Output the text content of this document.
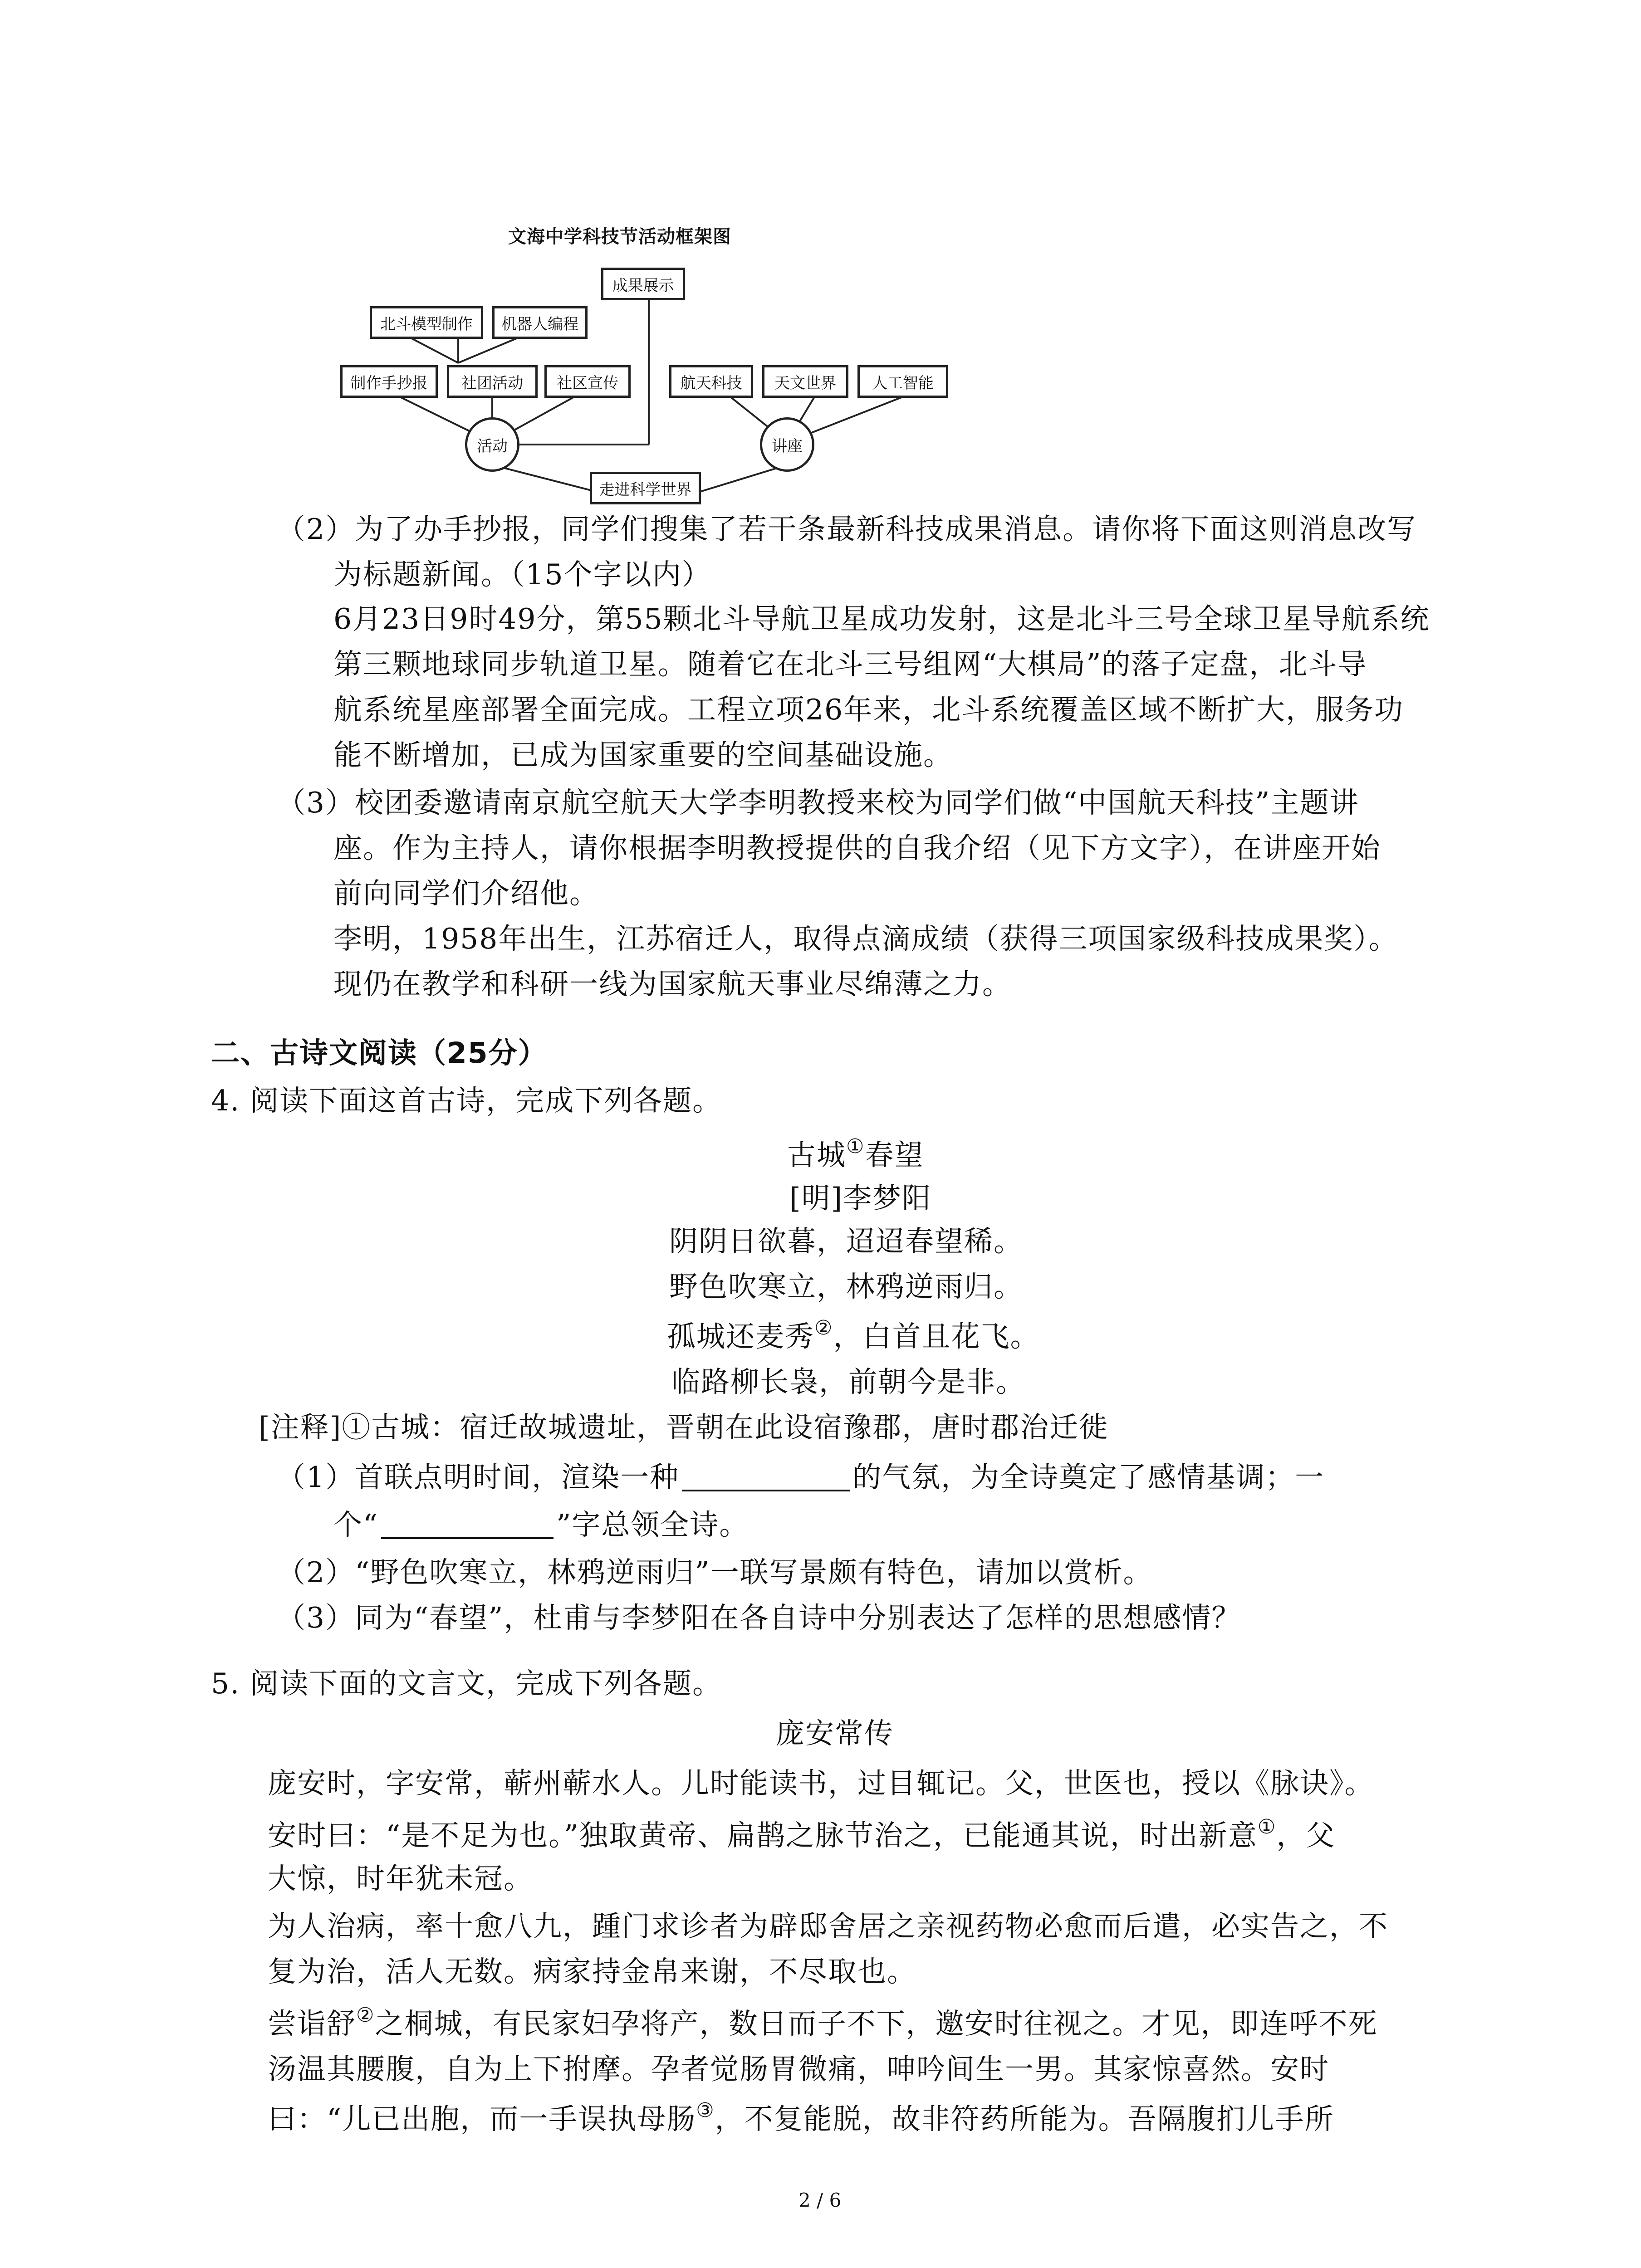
文海中学科技节活动框架图
成果展示
北斗模型制作	机器人编程
制作手抄报	社团活动	社区宣传	航天科技	天文世界	人工智能
活动	讲座
走进科学世界
（2）为了办手抄报，同学们搜集了若干条最新科技成果消息。请你将下面这则消息改写
为标题新闻。（15个字以内）
6月23日9时49分，第55颗北斗导航卫星成功发射，这是北斗三号全球卫星导航系统
第三颗地球同步轨道卫星。随着它在北斗三号组网“大棋局”的落子定盘，北斗导
航系统星座部署全面完成。工程立项26年来，北斗系统覆盖区域不断扩大，服务功
能不断增加，已成为国家重要的空间基础设施。
（3）校团委邀请南京航空航天大学李明教授来校为同学们做“中国航天科技”主题讲
座。作为主持人，请你根据李明教授提供的自我介绍（见下方文字），在讲座开始
前向同学们介绍他。
李明，1958年出生，江苏宿迁人，取得点滴成绩（获得三项国家级科技成果奖）。
现仍在教学和科研一线为国家航天事业尽绵薄之力。
二、古诗文阅读（25分）
4. 阅读下面这首古诗，完成下列各题。
古城①春望
[明]李梦阳
阴阴日欲暮，迢迢春望稀。
野色吹寒立，林鸦逆雨归。
孤城还麦秀②，白首且花飞。
临路柳长袅，前朝今是非。
[注释]①古城：宿迁故城遗址，晋朝在此设宿豫郡，唐时郡治迁徙
（1）首联点明时间，渲染一种	的气氛，为全诗奠定了感情基调；一
个“	”字总领全诗。
（2）“野色吹寒立，林鸦逆雨归”一联写景颇有特色，请加以赏析。
（3）同为“春望”，杜甫与李梦阳在各自诗中分别表达了怎样的思想感情？
5. 阅读下面的文言文，完成下列各题。
庞安常传
庞安时，字安常，蕲州蕲水人。儿时能读书，过目辄记。父，世医也，授以《脉诀》。
安时曰：“是不足为也。”独取黄帝、扁鹊之脉节治之，已能通其说，时出新意①，父
大惊，时年犹未冠。
为人治病，率十愈八九，踵门求诊者为辟邸舍居之亲视药物必愈而后遣，必实告之，不
复为治，活人无数。病家持金帛来谢，不尽取也。
尝诣舒②之桐城，有民家妇孕将产，数日而子不下，邀安时往视之。才见，即连呼不死
汤温其腰腹，自为上下拊摩。孕者觉肠胃微痛，呻吟间生一男。其家惊喜然。安时
曰：“儿已出胞，而一手误执母肠③，不复能脱，故非符药所能为。吾隔腹扪儿手所
2 / 6
